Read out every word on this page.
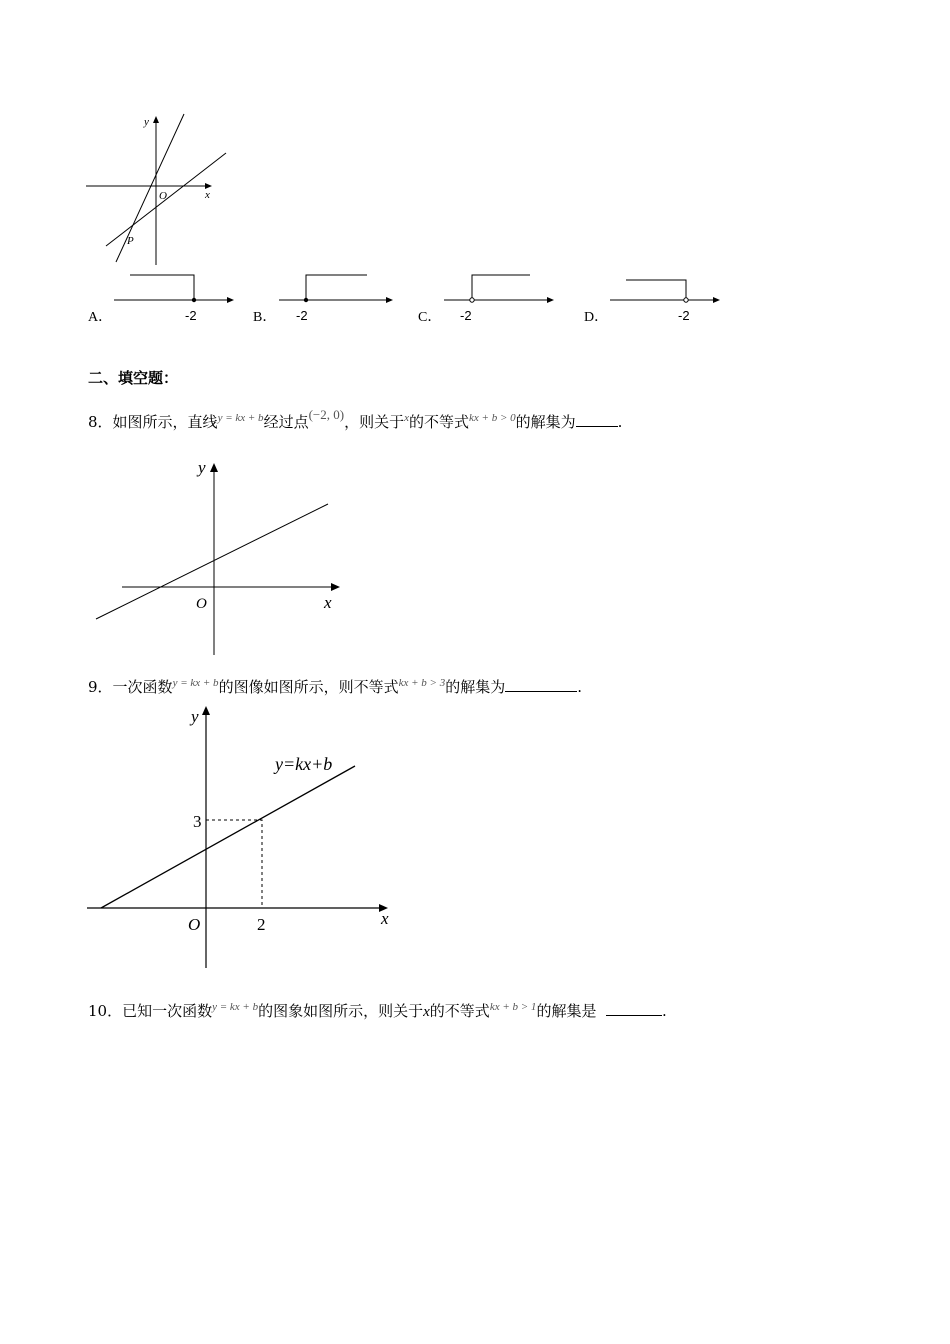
y
x
O
P
A．	-2	B． -2	C． -2	D．	-2
二、填空题：
8．如图所示，直线$^{y = kx + b}$经过点(−2, 0)，则关于$^x$的不等式$^{kx + b > 0}$的解集为	.
y
x
O
9．一次函数$^{y = kx + b}$的图像如图所示，则不等式$^{kx + b > 3}$的解集为	.
y
x
O
3
2
y=kx+b
10．已知一次函数$^{y = kx + b}$的图象如图所示，则关于x的不等式$^{kx + b > 1}$的解集是	.
